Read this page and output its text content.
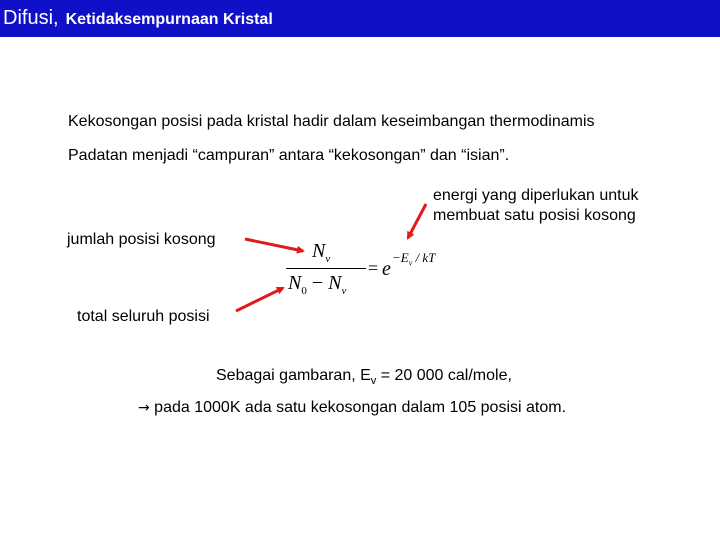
Difusi, Ketidaksempurnaan Kristal
Kekosongan posisi pada kristal hadir dalam keseimbangan thermodinamis
Padatan menjadi “campuran” antara “kekosongan” dan “isian”.
energi yang diperlukan untuk membuat satu posisi kosong
jumlah posisi kosong
total seluruh posisi
$N_v$
$N_0 - N_v$
= e
$-E_v$ / kT
Sebagai gambaran, $E_v = 20$ 000 cal/mole,
→ pada 1000K ada satu kekosongan dalam 105 posisi atom.
